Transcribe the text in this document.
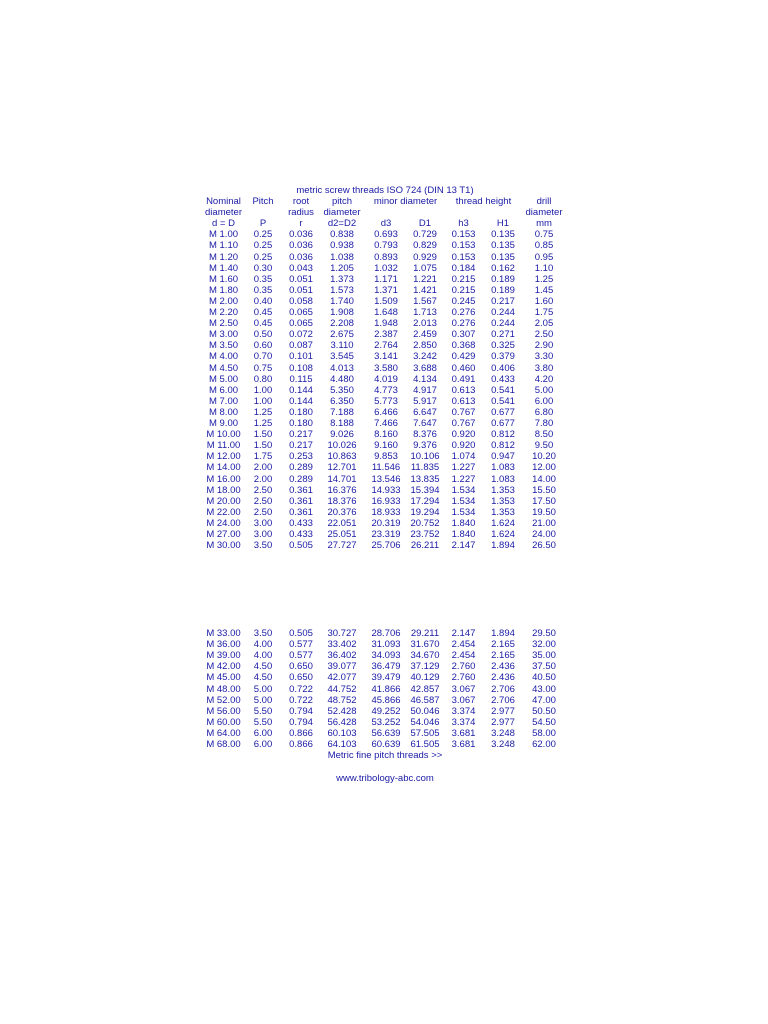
metric screw threads ISO 724 (DIN 13 T1)
Nominal	Pitch	root	pitch	drill
minor diameter	thread height
diameter	radius	diameter	diameter
d = D	P	r	d2=D2	d3	D1	h3	H1	mm
M 1.00	0.25	0.036	0.838	0.693	0.729	0.153	0.135	0.75
M 1.10	0.25	0.036	0.938	0.793	0.829	0.153	0.135	0.85
M 1.20	0.25	0.036	1.038	0.893	0.929	0.153	0.135	0.95
M 1.40	0.30	0.043	1.205	1.032	1.075	0.184	0.162	1.10
M 1.60	0.35	0.051	1.373	1.171	1.221	0.215	0.189	1.25
M 1.80	0.35	0.051	1.573	1.371	1.421	0.215	0.189	1.45
M 2.00	0.40	0.058	1.740	1.509	1.567	0.245	0.217	1.60
M 2.20	0.45	0.065	1.908	1.648	1.713	0.276	0.244	1.75
M 2.50	0.45	0.065	2.208	1.948	2.013	0.276	0.244	2.05
M 3.00	0.50	0.072	2.675	2.387	2.459	0.307	0.271	2.50
M 3.50	0.60	0.087	3.110	2.764	2.850	0.368	0.325	2.90
M 4.00	0.70	0.101	3.545	3.141	3.242	0.429	0.379	3.30
M 4.50	0.75	0.108	4.013	3.580	3.688	0.460	0.406	3.80
M 5.00	0.80	0.115	4.480	4.019	4.134	0.491	0.433	4.20
M 6.00	1.00	0.144	5.350	4.773	4.917	0.613	0.541	5.00
M 7.00	1.00	0.144	6.350	5.773	5.917	0.613	0.541	6.00
M 8.00	1.25	0.180	7.188	6.466	6.647	0.767	0.677	6.80
M 9.00	1.25	0.180	8.188	7.466	7.647	0.767	0.677	7.80
M 10.00	1.50	0.217	9.026	8.160	8.376	0.920	0.812	8.50
M 11.00	1.50	0.217	10.026	9.160	9.376	0.920	0.812	9.50
M 12.00	1.75	0.253	10.863	9.853	10.106	1.074	0.947	10.20
M 14.00	2.00	0.289	12.701	11.546	11.835	1.227	1.083	12.00
M 16.00	2.00	0.289	14.701	13.546	13.835	1.227	1.083	14.00
M 18.00	2.50	0.361	16.376	14.933	15.394	1.534	1.353	15.50
M 20.00	2.50	0.361	18.376	16.933	17.294	1.534	1.353	17.50
M 22.00	2.50	0.361	20.376	18.933	19.294	1.534	1.353	19.50
M 24.00	3.00	0.433	22.051	20.319	20.752	1.840	1.624	21.00
M 27.00	3.00	0.433	25.051	23.319	23.752	1.840	1.624	24.00
M 30.00	3.50	0.505	27.727	25.706	26.211	2.147	1.894	26.50
M 33.00	3.50	0.505	30.727	28.706	29.211	2.147	1.894	29.50
M 36.00	4.00	0.577	33.402	31.093	31.670	2.454	2.165	32.00
M 39.00	4.00	0.577	36.402	34.093	34.670	2.454	2.165	35.00
M 42.00	4.50	0.650	39.077	36.479	37.129	2.760	2.436	37.50
M 45.00	4.50	0.650	42.077	39.479	40.129	2.760	2.436	40.50
M 48.00	5.00	0.722	44.752	41.866	42.857	3.067	2.706	43.00
M 52.00	5.00	0.722	48.752	45.866	46.587	3.067	2.706	47.00
M 56.00	5.50	0.794	52.428	49.252	50.046	3.374	2.977	50.50
M 60.00	5.50	0.794	56.428	53.252	54.046	3.374	2.977	54.50
M 64.00	6.00	0.866	60.103	56.639	57.505	3.681	3.248	58.00
M 68.00	6.00	0.866	64.103	60.639	61.505	3.681	3.248	62.00
Metric fine pitch threads >>
www.tribology-abc.com
